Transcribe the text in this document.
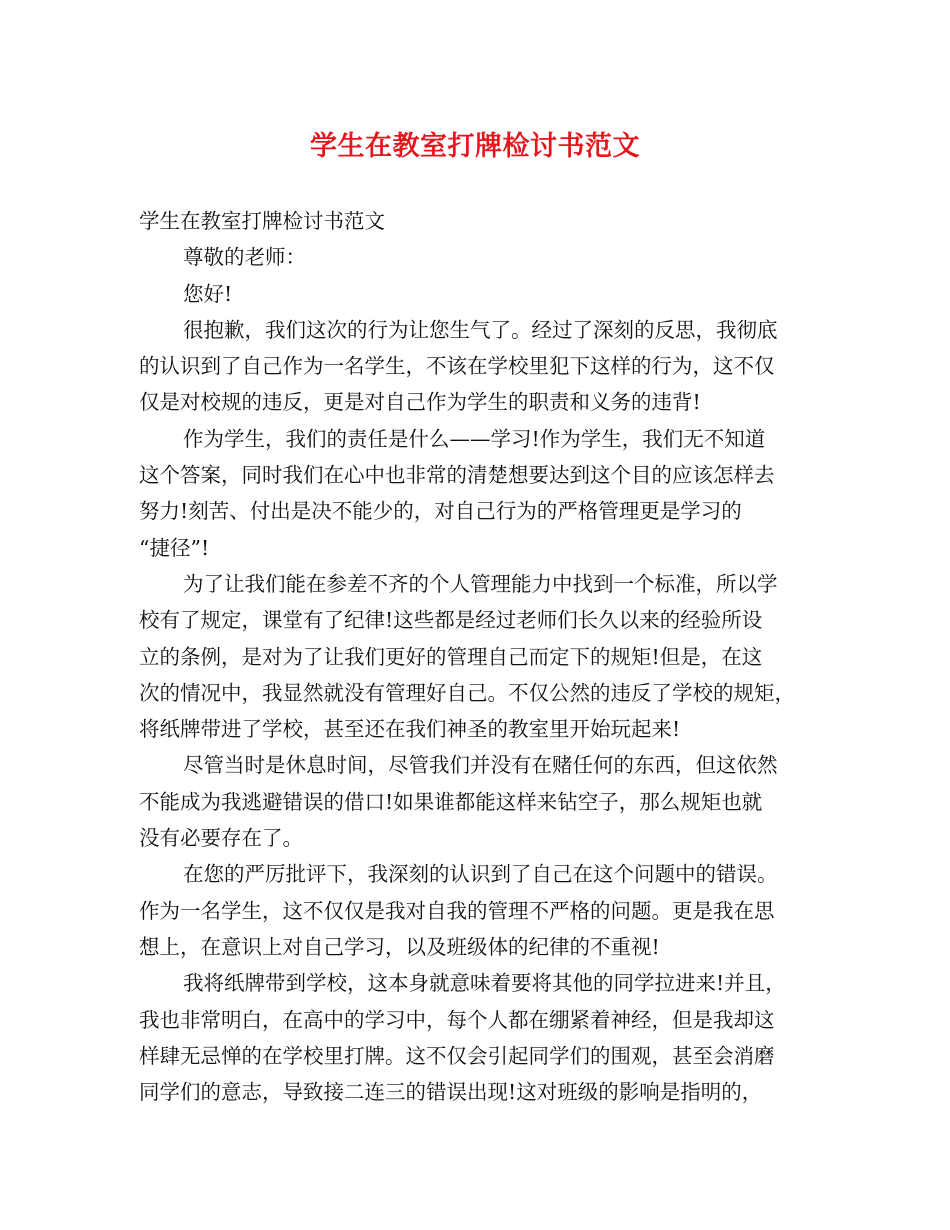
学生在教室打牌检讨书范文
学生在教室打牌检讨书范文
尊敬的老师：
您好!
很抱歉，我们这次的行为让您生气了。经过了深刻的反思，我彻底
的认识到了自己作为一名学生，不该在学校里犯下这样的行为，这不仅
仅是对校规的违反，更是对自己作为学生的职责和义务的违背!
作为学生，我们的责任是什么——学习!作为学生，我们无不知道
这个答案，同时我们在心中也非常的清楚想要达到这个目的应该怎样去
努力!刻苦、付出是决不能少的，对自己行为的严格管理更是学习的
“捷径”!
为了让我们能在参差不齐的个人管理能力中找到一个标准，所以学
校有了规定，课堂有了纪律!这些都是经过老师们长久以来的经验所设
立的条例，是对为了让我们更好的管理自己而定下的规矩!但是，在这
次的情况中，我显然就没有管理好自己。不仅公然的违反了学校的规矩，
将纸牌带进了学校，甚至还在我们神圣的教室里开始玩起来!
尽管当时是休息时间，尽管我们并没有在赌任何的东西，但这依然
不能成为我逃避错误的借口!如果谁都能这样来钻空子，那么规矩也就
没有必要存在了。
在您的严厉批评下，我深刻的认识到了自己在这个问题中的错误。
作为一名学生，这不仅仅是我对自我的管理不严格的问题。更是我在思
想上，在意识上对自己学习，以及班级体的纪律的不重视!
我将纸牌带到学校，这本身就意味着要将其他的同学拉进来!并且，
我也非常明白，在高中的学习中，每个人都在绷紧着神经，但是我却这
样肆无忌惮的在学校里打牌。这不仅会引起同学们的围观，甚至会消磨
同学们的意志，导致接二连三的错误出现!这对班级的影响是指明的，
